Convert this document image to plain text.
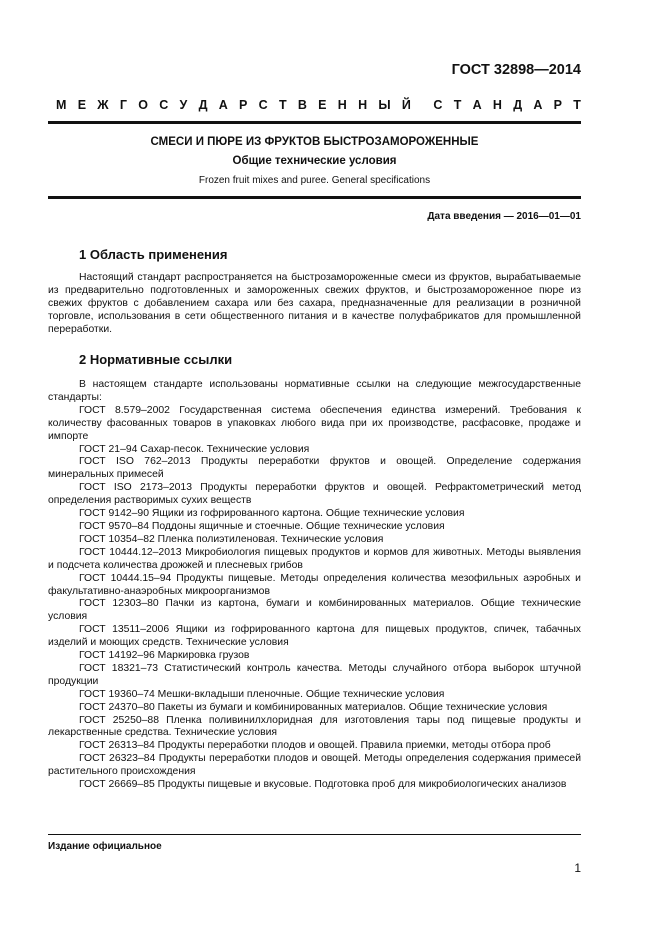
ГОСТ 32898—2014
М Е Ж Г О С У Д А Р С Т В Е Н Н Ы Й С Т А Н Д А Р Т
СМЕСИ И ПЮРЕ ИЗ ФРУКТОВ БЫСТРОЗАМОРОЖЕННЫЕ
Общие технические условия
Frozen fruit mixes and puree. General specifications
Дата введения — 2016—01—01
1 Область применения

Настоящий стандарт распространяется на быстрозамороженные смеси из фруктов, вырабатываемые из предварительно подготовленных и замороженных свежих фруктов, и быстрозамороженное пюре из свежих фруктов с добавлением сахара или без сахара, предназначенные для реализации в розничной торговле, использования в сети общественного питания и в качестве полуфабрикатов для промышленной переработки.

2 Нормативные ссылки

В настоящем стандарте использованы нормативные ссылки на следующие межгосударственные стандарты:

ГОСТ 8.579–2002 Государственная система обеспечения единства измерений. Требования к количеству фасованных товаров в упаковках любого вида при их производстве, расфасовке, продаже и импорте

ГОСТ 21–94 Сахар-песок. Технические условия

ГОСТ ISO 762–2013 Продукты переработки фруктов и овощей. Определение содержания минеральных примесей

ГОСТ ISO 2173–2013 Продукты переработки фруктов и овощей. Рефрактометрический метод определения растворимых сухих веществ

ГОСТ 9142–90 Ящики из гофрированного картона. Общие технические условия

ГОСТ 9570–84 Поддоны ящичные и стоечные. Общие технические условия

ГОСТ 10354–82 Пленка полиэтиленовая. Технические условия

ГОСТ 10444.12–2013 Микробиология пищевых продуктов и кормов для животных. Методы выявления и подсчета количества дрожжей и плесневых грибов

ГОСТ 10444.15–94 Продукты пищевые. Методы определения количества мезофильных аэробных и факультативно-анаэробных микроорганизмов

ГОСТ 12303–80 Пачки из картона, бумаги и комбинированных материалов. Общие технические условия

ГОСТ 13511–2006 Ящики из гофрированного картона для пищевых продуктов, спичек, табачных изделий и моющих средств. Технические условия

ГОСТ 14192–96 Маркировка грузов

ГОСТ 18321–73 Статистический контроль качества. Методы случайного отбора выборок штучной продукции

ГОСТ 19360–74 Мешки-вкладыши пленочные. Общие технические условия

ГОСТ 24370–80 Пакеты из бумаги и комбинированных материалов. Общие технические условия

ГОСТ 25250–88 Пленка поливинилхлоридная для изготовления тары под пищевые продукты и лекарственные средства. Технические условия

ГОСТ 26313–84 Продукты переработки плодов и овощей. Правила приемки, методы отбора проб

ГОСТ 26323–84 Продукты переработки плодов и овощей. Методы определения содержания примесей растительного происхождения

ГОСТ 26669–85 Продукты пищевые и вкусовые. Подготовка проб для микробиологических анализов

Издание официальное
1
